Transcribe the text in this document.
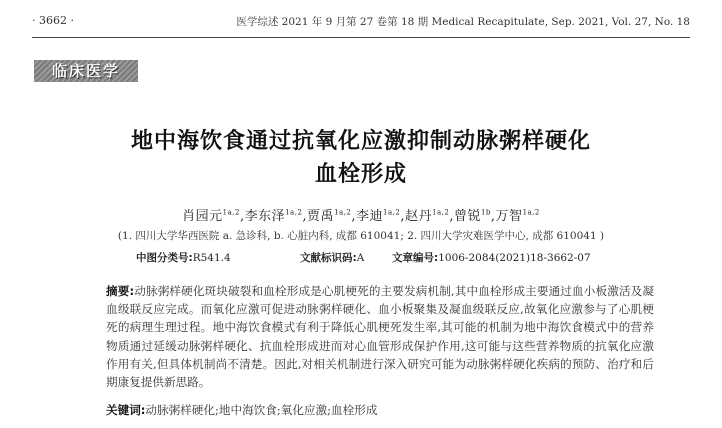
· 3662 ·	医学综述 2021 年 9 月第 27 卷第 18 期 Medical Recapitulate, Sep. 2021, Vol. 27, No. 18
临床医学
地中海饮食通过抗氧化应激抑制动脉粥样硬化
血栓形成
肖园元$^{1a,2}$,李东泽$^{1a,2}$,贾禹$^{1a,2}$,李迪$^{1a,2}$,赵丹$^{1a,2}$,曾锐$^{1b}$,万智$^{1a,2}$
(1. 四川大学华西医院 a. 急诊科, b. 心脏内科, 成都 610041; 2. 四川大学灾难医学中心, 成都 610041 )
中图分类号:R541.4	文献标识码:A	文章编号:1006-2084(2021)18-3662-07
摘要:动脉粥样硬化斑块破裂和血栓形成是心肌梗死的主要发病机制,其中血栓形成主要通过血小板激活及凝血级联反应完成。而氧化应激可促进动脉粥样硬化、血小板聚集及凝血级联反应,故氧化应激参与了心肌梗死的病理生理过程。地中海饮食模式有利于降低心肌梗死发生率,其可能的机制为地中海饮食模式中的营养物质通过延缓动脉粥样硬化、抗血栓形成进而对心血管形成保护作用,这可能与这些营养物质的抗氧化应激作用有关,但具体机制尚不清楚。因此,对相关机制进行深入研究可能为动脉粥样硬化疾病的预防、治疗和后期康复提供新思路。
关键词:动脉粥样硬化;地中海饮食;氧化应激;血栓形成
